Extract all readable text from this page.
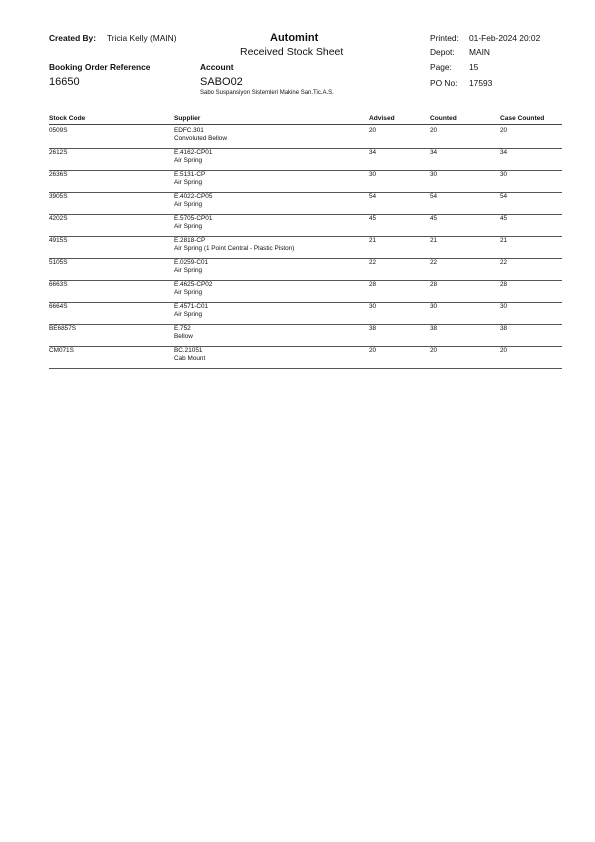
Created By: Tricia Kelly (MAIN)	Automint
Received Stock Sheet
Printed: 01-Feb-2024 20:02
Depot: MAIN
Page: 15
PO No: 17593
Booking Order Reference
16650
Account
SABO02
Sabo Suspansiyon Sistemleri Makine San.Tic.A.S.
Stock Code	Supplier	Advised	Counted	Case Counted
0509S	EDFC.301	20	20	20
Convoluted Bellow
2612S	E.4162-CP01	34	34	34
Air Spring
2636S	E.5131-CP	30	30	30
Air Spring
3905S	E.4022-CP05	54	54	54
Air Spring
4202S	E.5705-CP01	45	45	45
Air Spring
4915S	E.2818-CP	21	21	21
Air Spring (1 Point Central - Plastic Piston)
5105S	E.0259-C01	22	22	22
Air Spring
6663S	E.4625-CP02	28	28	28
Air Spring
6664S	E.4571-C01	30	30	30
Air Spring
BE6857S	E.752	38	38	38
Bellow
CM071S	BC.21051	20	20	20
Cab Mount
